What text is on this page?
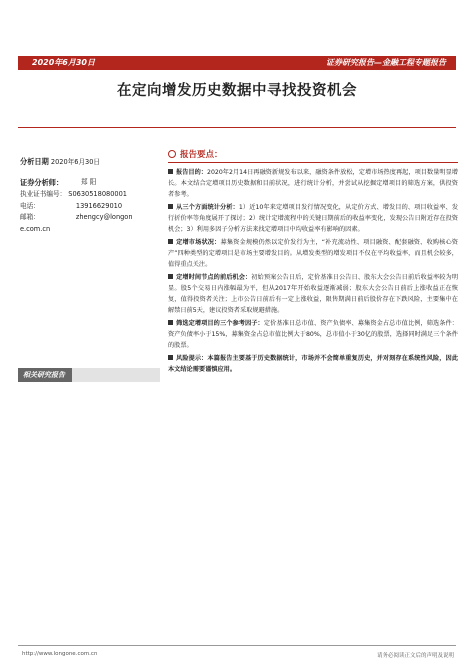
2020年6月30日	证券研究报告—金融工程专题报告
在定向增发历史数据中寻找投资机会
分析日期 2020年6月30日
证券分析师：	郑 阳
执业证书编号： S0630518080001
电话：	13916629010
邮箱：	zhengcy@longon
e.com.cn
相关研究报告
报告要点：
报告目的：2020年2月14日再融资新规发布以来，融资条件放松，定增市场热度再起，项目数量明显增长。本文结合定增项目历史数据和目前状况，进行统计分析，并尝试从挖掘定增项目的筛选方案，供投资者参考。
从三个方面统计分析：1）近10年来定增项目发行情况变化，从定价方式、增发目的、项目收益率、发行折价率等角度展开了探讨；2）统计定增流程中的关键日期前后的收益率变化，发现公告日附近存在投资机会；3）利用多因子分析方法来找定增项目中均收益率有影响的因素。
定增市场状况：募集资金规模仍然以定价发行为主，“补充流动性、项目融资、配套融资、收购核心资产”四种类型的定增项目是市场主要增发目的。从增发类型的增发项目不仅在平均收益率，而且机会较多，值得重点关注。
定增时间节点的前后机会：初始预案公告日后，定价基准日公告日、股东大会公告日前后收益率较为明显。股5个交易日内涨幅最为平，但从2017年开始收益逐渐减弱；股东大会公告日前后上涨收益正在恢复，值得投资者关注；上市公告日前后有一定上涨收益，限售期满日前后股价存在下跌风险，主要集中在解禁日前5天，建议投资者采取规避措施。
筛选定增项目的三个参考因子：定价基准日总市值、资产负债率、募集资金占总市值比例，筛选条件：资产负债率小于15%，募集资金占总市值比例大于80%，总市值小于30亿的股票，选择同时满足三个条件的股票。
风险提示：本篇报告主要基于历史数据统计，市场并不会简单重复历史，并对刻存在系统性风险，因此本文结论需要谨慎应用。
http://www.longone.com.cn	请务必阅读正文后的声明及说明
